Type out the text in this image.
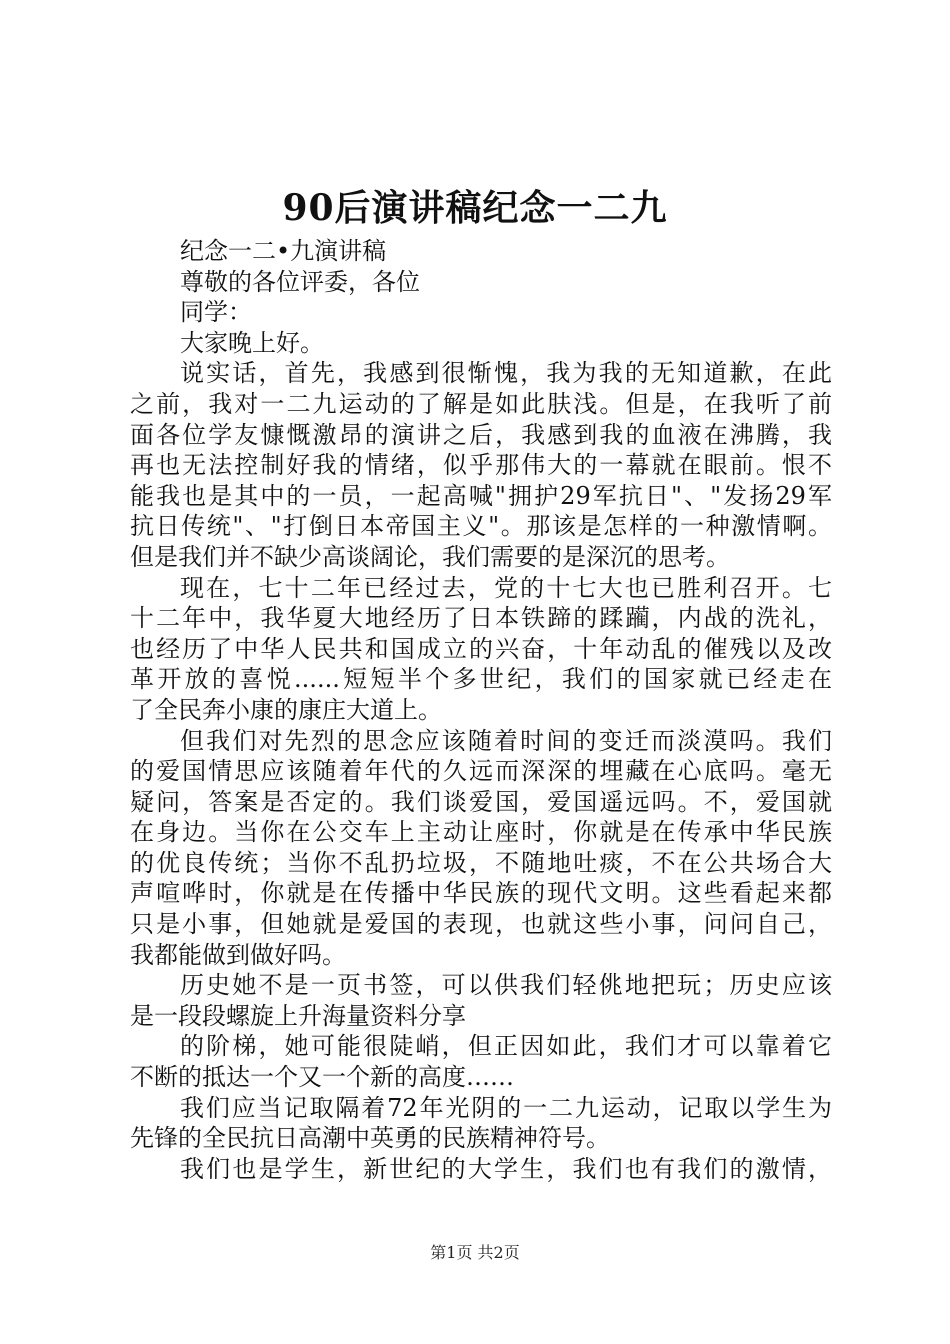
90后演讲稿纪念一二九
纪念一二•九演讲稿
尊敬的各位评委，各位
同学：
大家晚上好。
说实话，首先，我感到很惭愧，我为我的无知道歉，在此
之前，我对一二九运动的了解是如此肤浅。但是，在我听了前
面各位学友慷慨激昂的演讲之后，我感到我的血液在沸腾，我
再也无法控制好我的情绪，似乎那伟大的一幕就在眼前。恨不
能我也是其中的一员，一起高喊"拥护29军抗日"、"发扬29军
抗日传统"、"打倒日本帝国主义"。那该是怎样的一种激情啊。
但是我们并不缺少高谈阔论，我们需要的是深沉的思考。
现在，七十二年已经过去，党的十七大也已胜利召开。七
十二年中，我华夏大地经历了日本铁蹄的蹂躏，内战的洗礼，
也经历了中华人民共和国成立的兴奋，十年动乱的催残以及改
革开放的喜悦......短短半个多世纪，我们的国家就已经走在
了全民奔小康的康庄大道上。
但我们对先烈的思念应该随着时间的变迁而淡漠吗。我们
的爱国情思应该随着年代的久远而深深的埋藏在心底吗。毫无
疑问，答案是否定的。我们谈爱国，爱国遥远吗。不，爱国就
在身边。当你在公交车上主动让座时，你就是在传承中华民族
的优良传统；当你不乱扔垃圾，不随地吐痰，不在公共场合大
声喧哗时，你就是在传播中华民族的现代文明。这些看起来都
只是小事，但她就是爱国的表现，也就这些小事，问问自己，
我都能做到做好吗。
历史她不是一页书签，可以供我们轻佻地把玩；历史应该
是一段段螺旋上升海量资料分享
的阶梯，她可能很陡峭，但正因如此，我们才可以靠着它
不断的抵达一个又一个新的高度……
我们应当记取隔着72年光阴的一二九运动，记取以学生为
先锋的全民抗日高潮中英勇的民族精神符号。
我们也是学生，新世纪的大学生，我们也有我们的激情，
第1页 共2页
